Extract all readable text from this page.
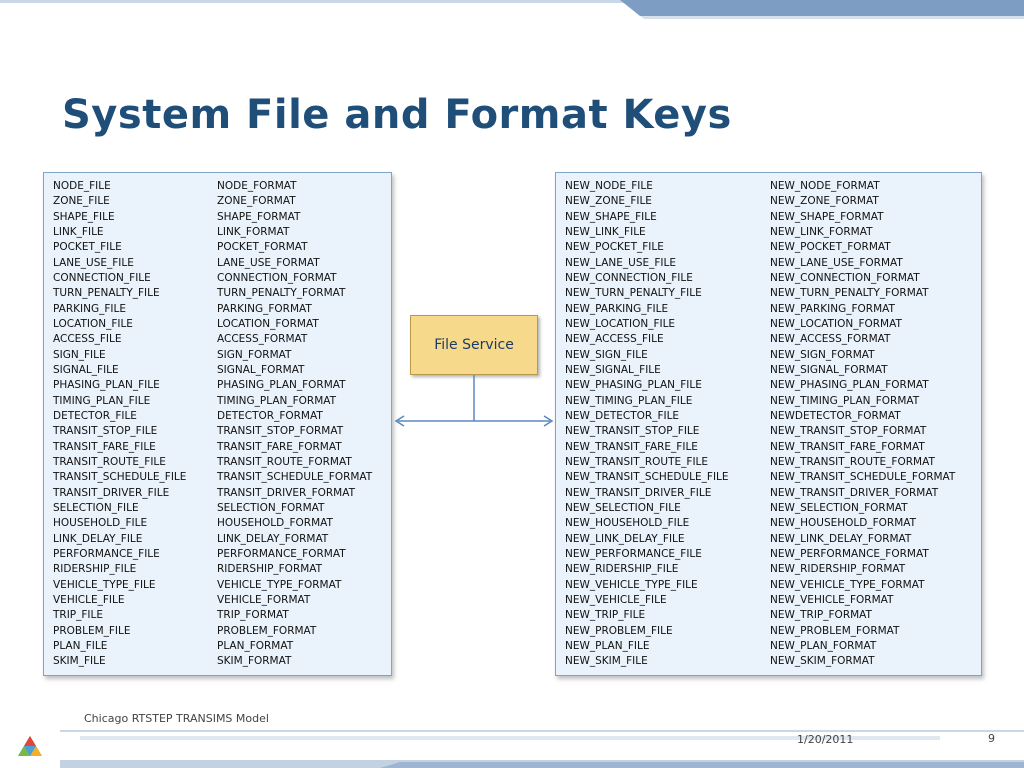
System File and Format Keys
NODE_FILE	NODE_FORMAT
ZONE_FILE	ZONE_FORMAT
SHAPE_FILE	SHAPE_FORMAT
LINK_FILE	LINK_FORMAT
POCKET_FILE	POCKET_FORMAT
LANE_USE_FILE	LANE_USE_FORMAT
CONNECTION_FILE	CONNECTION_FORMAT
TURN_PENALTY_FILE	TURN_PENALTY_FORMAT
PARKING_FILE	PARKING_FORMAT
LOCATION_FILE	LOCATION_FORMAT
ACCESS_FILE	ACCESS_FORMAT
SIGN_FILE	SIGN_FORMAT
SIGNAL_FILE	SIGNAL_FORMAT
PHASING_PLAN_FILE	PHASING_PLAN_FORMAT
TIMING_PLAN_FILE	TIMING_PLAN_FORMAT
DETECTOR_FILE	DETECTOR_FORMAT
TRANSIT_STOP_FILE	TRANSIT_STOP_FORMAT
TRANSIT_FARE_FILE	TRANSIT_FARE_FORMAT
TRANSIT_ROUTE_FILE	TRANSIT_ROUTE_FORMAT
TRANSIT_SCHEDULE_FILE	TRANSIT_SCHEDULE_FORMAT
TRANSIT_DRIVER_FILE	TRANSIT_DRIVER_FORMAT
SELECTION_FILE	SELECTION_FORMAT
HOUSEHOLD_FILE	HOUSEHOLD_FORMAT
LINK_DELAY_FILE	LINK_DELAY_FORMAT
PERFORMANCE_FILE	PERFORMANCE_FORMAT
RIDERSHIP_FILE	RIDERSHIP_FORMAT
VEHICLE_TYPE_FILE	VEHICLE_TYPE_FORMAT
VEHICLE_FILE	VEHICLE_FORMAT
TRIP_FILE	TRIP_FORMAT
PROBLEM_FILE	PROBLEM_FORMAT
PLAN_FILE	PLAN_FORMAT
SKIM_FILE	SKIM_FORMAT
NEW_NODE_FILE	NEW_NODE_FORMAT
NEW_ZONE_FILE	NEW_ZONE_FORMAT
NEW_SHAPE_FILE	NEW_SHAPE_FORMAT
NEW_LINK_FILE	NEW_LINK_FORMAT
NEW_POCKET_FILE	NEW_POCKET_FORMAT
NEW_LANE_USE_FILE	NEW_LANE_USE_FORMAT
NEW_CONNECTION_FILE	NEW_CONNECTION_FORMAT
NEW_TURN_PENALTY_FILE	NEW_TURN_PENALTY_FORMAT
NEW_PARKING_FILE	NEW_PARKING_FORMAT
NEW_LOCATION_FILE	NEW_LOCATION_FORMAT
NEW_ACCESS_FILE	NEW_ACCESS_FORMAT
NEW_SIGN_FILE	NEW_SIGN_FORMAT
NEW_SIGNAL_FILE	NEW_SIGNAL_FORMAT
NEW_PHASING_PLAN_FILE	NEW_PHASING_PLAN_FORMAT
NEW_TIMING_PLAN_FILE	NEW_TIMING_PLAN_FORMAT
NEW_DETECTOR_FILE	NEWDETECTOR_FORMAT
NEW_TRANSIT_STOP_FILE	NEW_TRANSIT_STOP_FORMAT
NEW_TRANSIT_FARE_FILE	NEW_TRANSIT_FARE_FORMAT
NEW_TRANSIT_ROUTE_FILE	NEW_TRANSIT_ROUTE_FORMAT
NEW_TRANSIT_SCHEDULE_FILE	NEW_TRANSIT_SCHEDULE_FORMAT
NEW_TRANSIT_DRIVER_FILE	NEW_TRANSIT_DRIVER_FORMAT
NEW_SELECTION_FILE	NEW_SELECTION_FORMAT
NEW_HOUSEHOLD_FILE	NEW_HOUSEHOLD_FORMAT
NEW_LINK_DELAY_FILE	NEW_LINK_DELAY_FORMAT
NEW_PERFORMANCE_FILE	NEW_PERFORMANCE_FORMAT
NEW_RIDERSHIP_FILE	NEW_RIDERSHIP_FORMAT
NEW_VEHICLE_TYPE_FILE	NEW_VEHICLE_TYPE_FORMAT
NEW_VEHICLE_FILE	NEW_VEHICLE_FORMAT
NEW_TRIP_FILE	NEW_TRIP_FORMAT
NEW_PROBLEM_FILE	NEW_PROBLEM_FORMAT
NEW_PLAN_FILE	NEW_PLAN_FORMAT
NEW_SKIM_FILE	NEW_SKIM_FORMAT
File Service
Chicago RTSTEP TRANSIMS Model
1/20/2011	9
